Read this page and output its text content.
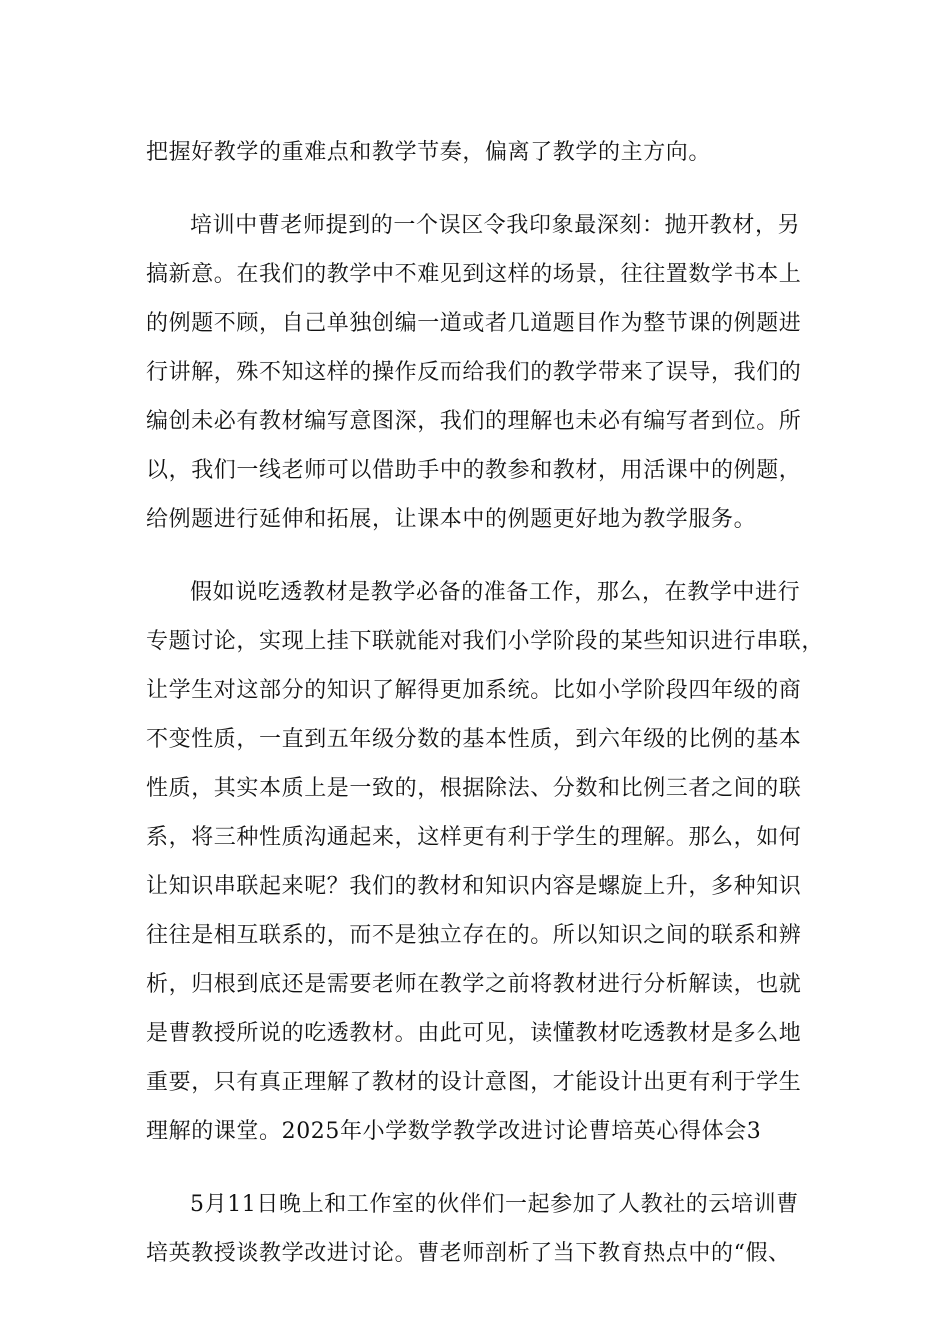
把握好教学的重难点和教学节奏，偏离了教学的主方向。
培训中曹老师提到的一个误区令我印象最深刻：抛开教材，另
搞新意。在我们的教学中不难见到这样的场景，往往置数学书本上
的例题不顾，自己单独创编一道或者几道题目作为整节课的例题进
行讲解，殊不知这样的操作反而给我们的教学带来了误导，我们的
编创未必有教材编写意图深，我们的理解也未必有编写者到位。所
以，我们一线老师可以借助手中的教参和教材，用活课中的例题，
给例题进行延伸和拓展，让课本中的例题更好地为教学服务。
假如说吃透教材是教学必备的准备工作，那么，在教学中进行
专题讨论，实现上挂下联就能对我们小学阶段的某些知识进行串联，
让学生对这部分的知识了解得更加系统。比如小学阶段四年级的商
不变性质，一直到五年级分数的基本性质，到六年级的比例的基本
性质，其实本质上是一致的，根据除法、分数和比例三者之间的联
系，将三种性质沟通起来，这样更有利于学生的理解。那么，如何
让知识串联起来呢？我们的教材和知识内容是螺旋上升，多种知识
往往是相互联系的，而不是独立存在的。所以知识之间的联系和辨
析，归根到底还是需要老师在教学之前将教材进行分析解读，也就
是曹教授所说的吃透教材。由此可见，读懂教材吃透教材是多么地
重要，只有真正理解了教材的设计意图，才能设计出更有利于学生
理解的课堂。2025年小学数学教学改进讨论曹培英心得体会3
5月11日晚上和工作室的伙伴们一起参加了人教社的云培训曹
培英教授谈教学改进讨论。曹老师剖析了当下教育热点中的“假、
